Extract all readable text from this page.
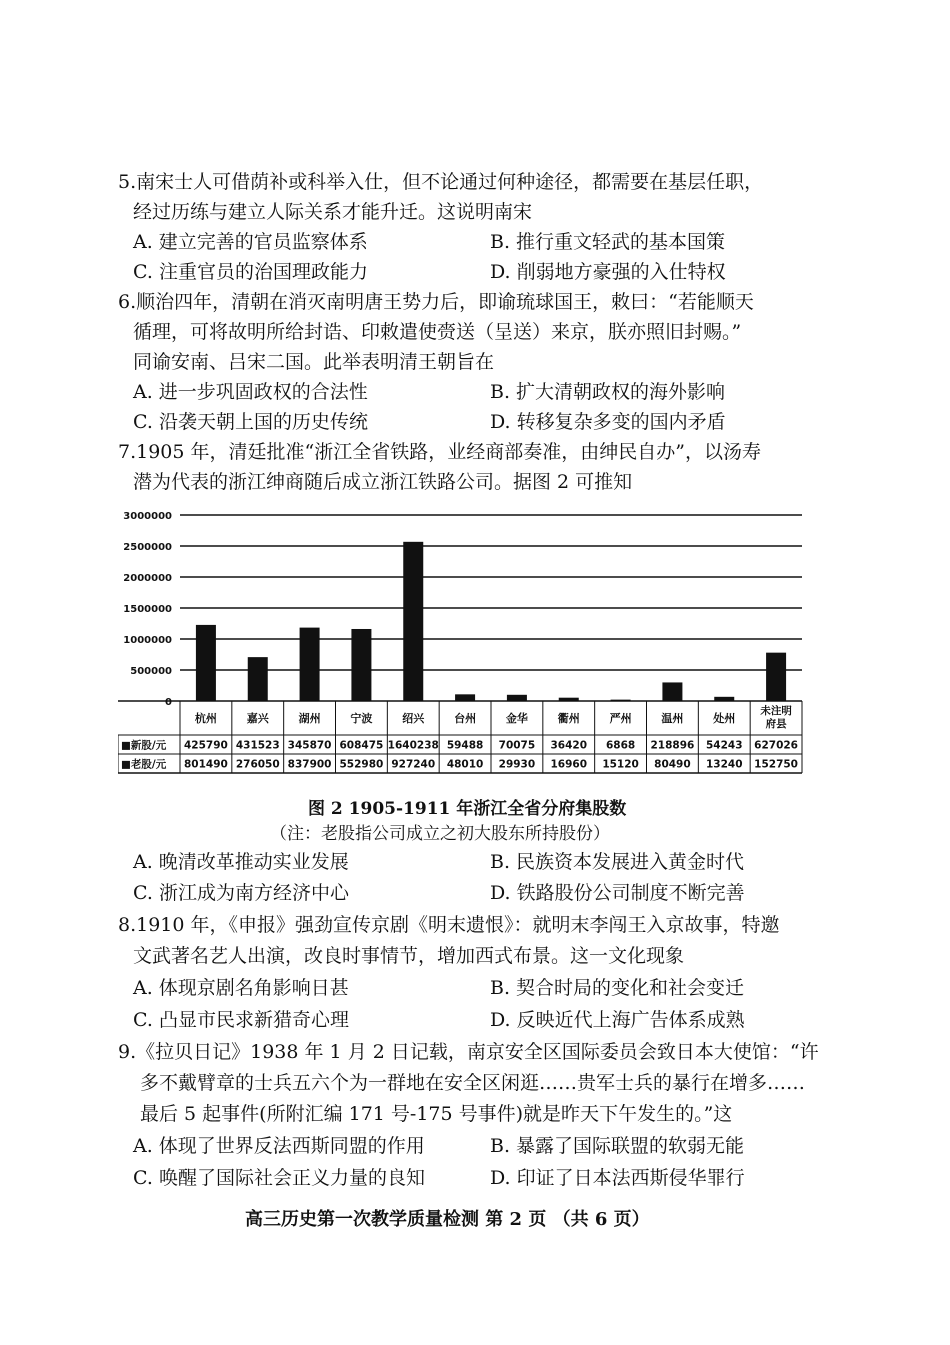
5.南宋士人可借荫补或科举入仕，但不论通过何种途径，都需要在基层任职，
经过历练与建立人际关系才能升迁。这说明南宋
A. 建立完善的官员监察体系	B. 推行重文轻武的基本国策
C. 注重官员的治国理政能力	D. 削弱地方豪强的入仕特权
6.顺治四年，清朝在消灭南明唐王势力后，即谕琉球国王，敕曰：“若能顺天
循理，可将故明所给封诰、印敕遣使赍送（呈送）来京，朕亦照旧封赐。”
同谕安南、吕宋二国。此举表明清王朝旨在
A. 进一步巩固政权的合法性	B. 扩大清朝政权的海外影响
C. 沿袭天朝上国的历史传统	D. 转移复杂多变的国内矛盾
7.1905 年，清廷批准“浙江全省铁路，业经商部奏准，由绅民自办”，以汤寿
潜为代表的浙江绅商随后成立浙江铁路公司。据图 2 可推知
3000000
2500000
2000000
1500000
1000000
500000
0
杭州	嘉兴	湖州	宁波	绍兴	台州	金华	衢州	严州	温州	处州
未注明
府县
■新股/元 425790 431523 345870 608475 1640238 59488 70075 36420 6868 218896 54243 627026
■老股/元 801490 276050 837900 552980 927240 48010 29930 16960 15120 80490 13240 152750
图 2 1905-1911 年浙江全省分府集股数
（注：老股指公司成立之初大股东所持股份）
A. 晚清改革推动实业发展	B. 民族资本发展进入黄金时代
C. 浙江成为南方经济中心	D. 铁路股份公司制度不断完善
8.1910 年，《申报》强劲宣传京剧《明末遗恨》：就明末李闯王入京故事，特邀
文武著名艺人出演，改良时事情节，增加西式布景。这一文化现象
A. 体现京剧名角影响日甚	B. 契合时局的变化和社会变迁
C. 凸显市民求新猎奇心理	D. 反映近代上海广告体系成熟
9.《拉贝日记》1938 年 1 月 2 日记载，南京安全区国际委员会致日本大使馆：“许
多不戴臂章的士兵五六个为一群地在安全区闲逛……贵军士兵的暴行在增多……
最后 5 起事件(所附汇编 171 号-175 号事件)就是昨天下午发生的。”这
A. 体现了世界反法西斯同盟的作用	B. 暴露了国际联盟的软弱无能
C. 唤醒了国际社会正义力量的良知	D. 印证了日本法西斯侵华罪行
高三历史第一次教学质量检测 第 2 页 （共 6 页）
